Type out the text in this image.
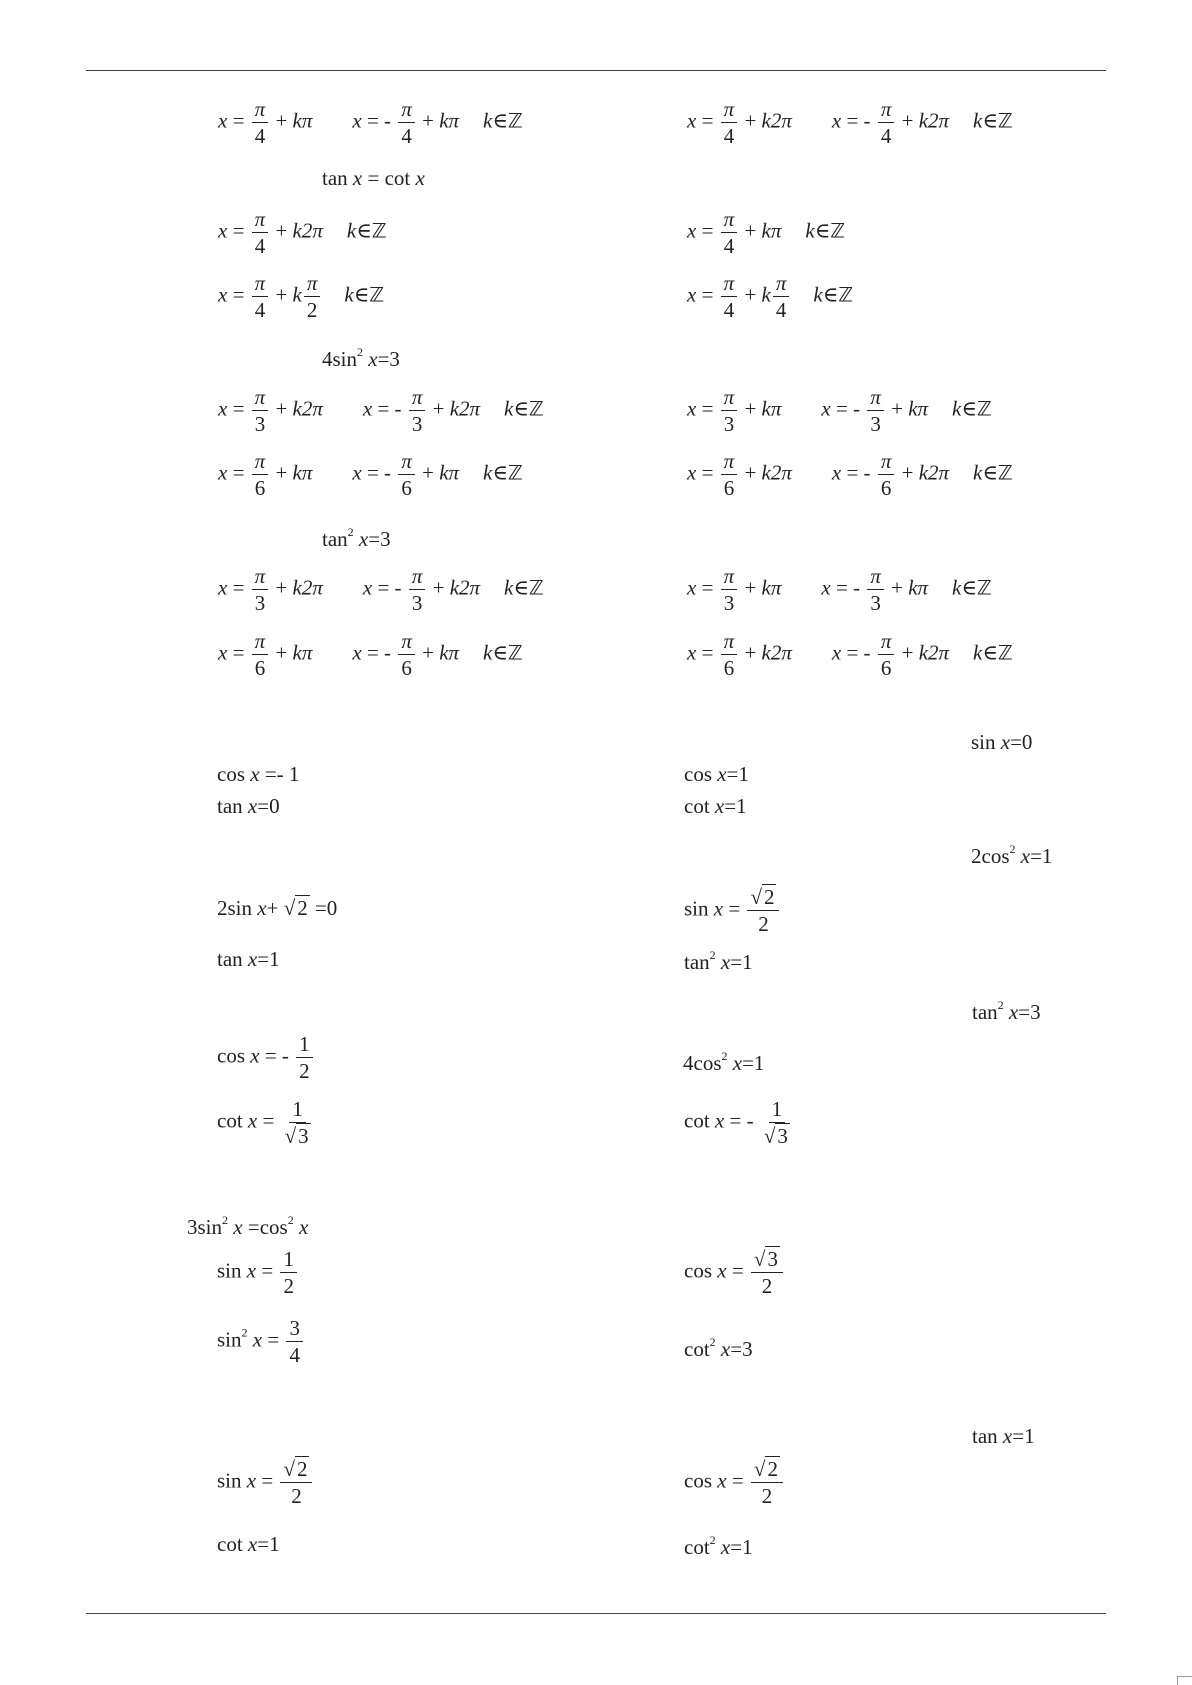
$x = \frac{\pi}{4} + k\pi$ x = - $\frac{\pi}{4} + k\pi$ k∈ℤ	$x = \frac{\pi}{4} + k2\pi$ x = - $\frac{\pi}{4} + k2\pi$ k∈ℤ
tan x = cot x
$x = \frac{\pi}{4} + k2\pi$ k∈ℤ	$x = \frac{\pi}{4} + k\pi$ k∈ℤ
$x = \frac{\pi}{4} + k \frac{\pi}{2}$ k∈ℤ	$x = \frac{\pi}{4} + k \frac{\pi}{4}$ k∈ℤ
$4\sin^2$ x=3
$x = \frac{\pi}{3} + k2\pi$ x = - $\frac{\pi}{3} + k2\pi$ k∈ℤ	$x = \frac{\pi}{3} + k\pi$ x = - $\frac{\pi}{3} + k\pi$ k∈ℤ
$x = \frac{\pi}{6} + k\pi$ x = - $\frac{\pi}{6} + k\pi$ k∈ℤ	$x = \frac{\pi}{6} + k2\pi$ x = - $\frac{\pi}{6} + k2\pi$ k∈ℤ
$\tan^2 x=3$
$x = \frac{\pi}{3} + k2\pi$ x = - $\frac{\pi}{3} + k2\pi$ k∈ℤ	$x = \frac{\pi}{3} + k\pi$ x = - $\frac{\pi}{3} + k\pi$ k∈ℤ
$x = \frac{\pi}{6} + k\pi$ x = - $\frac{\pi}{6} + k\pi$ k∈ℤ	$x = \frac{\pi}{6} + k2\pi$ x = - $\frac{\pi}{6} + k2\pi$ k∈ℤ
sin x=0
cos x =- 1	cos x=1
tan x=0	cot x=1
$2\cos^2$ x=1
2sin x+ √2 =0	$\sin x = \frac{√2}{2}$
tan x=1	$\tan^2 x=1$
$\tan^2 x=3$
cos x = - $\frac{1}{2}$	$4\cos^2$ x=1
$\cot x = \frac{1}{√3}$	cot x = - $\frac{1}{√3}$
$3\sin^2$ $x =\cos^2$ x
$\sin x = \frac{1}{2}$	$\cos x = \frac{√3}{2}$
$\sin^2 x = \frac{3}{4}$	$\cot^2 x=3$
tan x=1
$\sin x = \frac{√2}{2}$	$\cos x = \frac{√2}{2}$
cot x=1	$\cot^2 x=1$
